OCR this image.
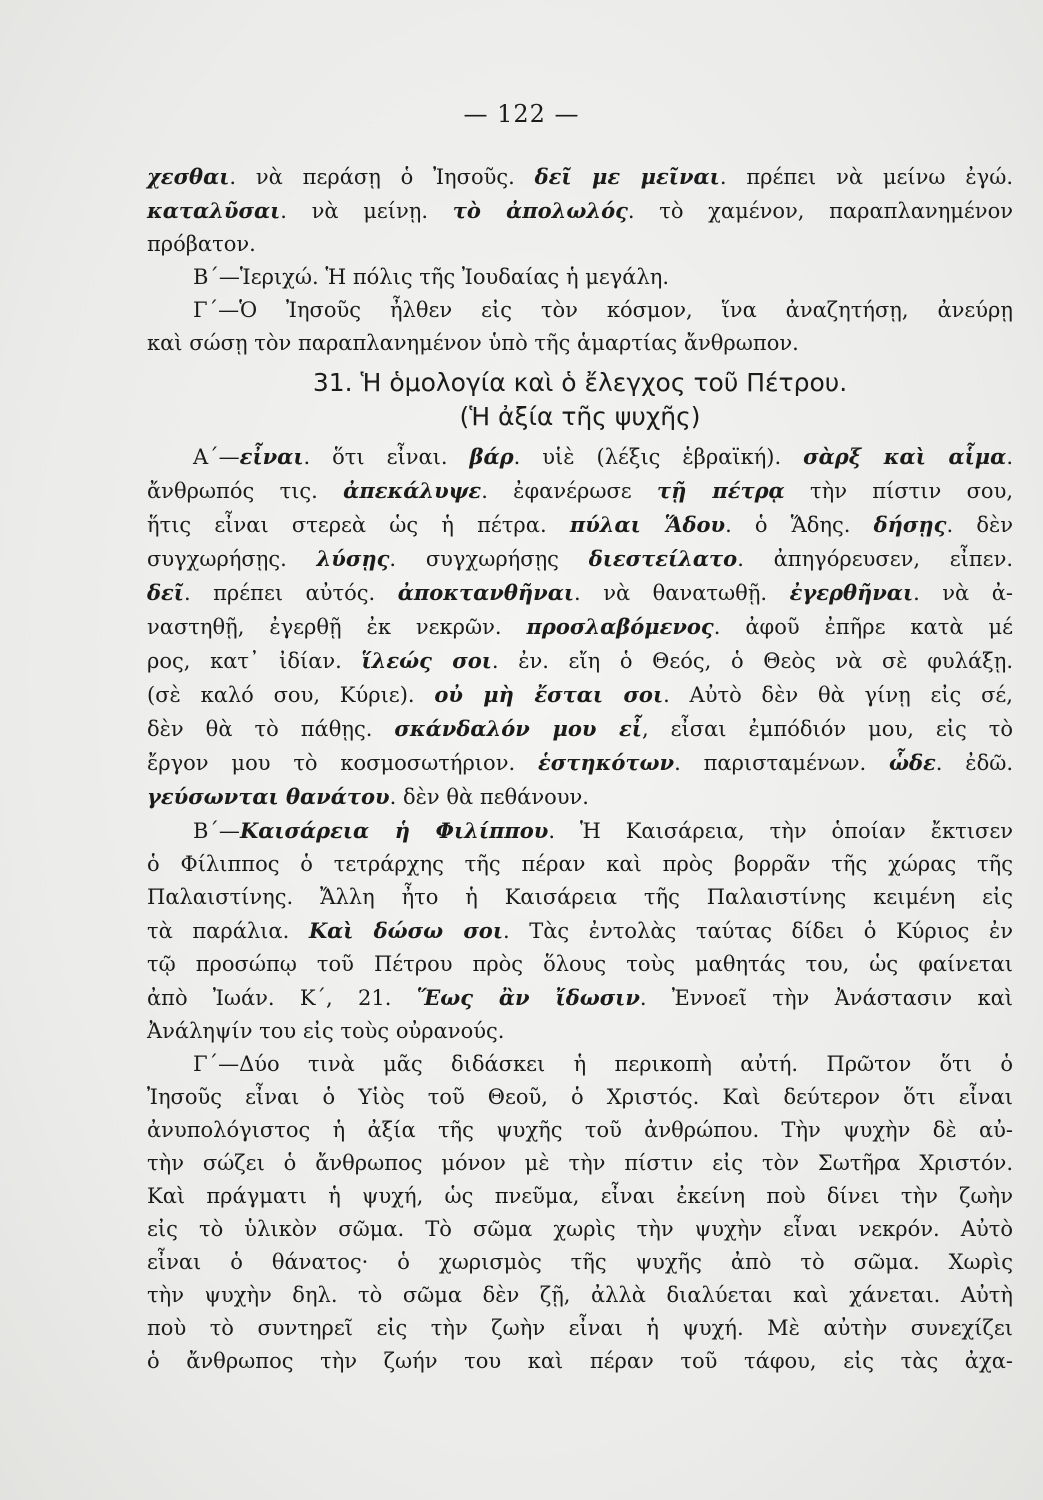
— 122 —
χεσθαι. νὰ περάσῃ ὁ Ἰησοῦς. δεῖ με μεῖναι. πρέπει νὰ μείνω ἐγώ.
καταλῦσαι. νὰ μείνῃ. τὸ ἀπολωλός. τὸ χαμένον, παραπλανημένον
πρόβατον.
Β΄—Ἱεριχώ. Ἡ πόλις τῆς Ἰουδαίας ἡ μεγάλη.
Γ΄—Ὁ Ἰησοῦς ἦλθεν εἰς τὸν κόσμον, ἵνα ἀναζητήσῃ, ἀνεύρῃ
καὶ σώσῃ τὸν παραπλανημένον ὑπὸ τῆς ἁμαρτίας ἄνθρωπον.
31. Ἡ ὁμολογία καὶ ὁ ἔλεγχος τοῦ Πέτρου.
(Ἡ ἀξία τῆς ψυχῆς)
Α΄—εἶναι. ὅτι εἶναι. βάρ. υἱὲ (λέξις ἑβραϊκή). σὰρξ καὶ αἷμα.
ἄνθρωπός τις. ἀπεκάλυψε. ἐφανέρωσε τῇ πέτρᾳ τὴν πίστιν σου,
ἥτις εἶναι στερεὰ ὡς ἡ πέτρα. πύλαι Ἅδου. ὁ Ἅδης. δήσῃς. δὲν
συγχωρήσῃς. λύσῃς. συγχωρήσῃς διεστείλατο. ἀπηγόρευσεν, εἶπεν.
δεῖ. πρέπει αὐτός. ἀποκτανθῆναι. νὰ θανατωθῇ. ἐγερθῆναι. νὰ ἀ-
ναστηθῇ, ἐγερθῇ ἐκ νεκρῶν. προσλαβόμενος. ἀφοῦ ἐπῆρε κατὰ μέ
ρος, κατ᾽ ἰδίαν. ἵλεώς σοι. ἐν. εἴη ὁ Θεός, ὁ Θεὸς νὰ σὲ φυλάξῃ.
(σὲ καλό σου, Κύριε). οὐ μὴ ἔσται σοι. Αὐτὸ δὲν θὰ γίνῃ εἰς σέ,
δὲν θὰ τὸ πάθῃς. σκάνδαλόν μου εἶ, εἶσαι ἐμπόδιόν μου, εἰς τὸ
ἔργον μου τὸ κοσμοσωτήριον. ἑστηκότων. παρισταμένων. ὧδε. ἐδῶ.
γεύσωνται θανάτου. δὲν θὰ πεθάνουν.
Β΄—Καισάρεια ἡ Φιλίππου. Ἡ Καισάρεια, τὴν ὁποίαν ἔκτισεν
ὁ Φίλιππος ὁ τετράρχης τῆς πέραν καὶ πρὸς βορρᾶν τῆς χώρας τῆς
Παλαιστίνης. Ἄλλη ἦτο ἡ Καισάρεια τῆς Παλαιστίνης κειμένη εἰς
τὰ παράλια. Καὶ δώσω σοι. Τὰς ἐντολὰς ταύτας δίδει ὁ Κύριος ἐν
τῷ προσώπῳ τοῦ Πέτρου πρὸς ὅλους τοὺς μαθητάς του, ὡς φαίνεται
ἀπὸ Ἰωάν. Κ΄, 21. Ἕως ἂν ἴδωσιν. Ἐννοεῖ τὴν Ἀνάστασιν καὶ
Ἀνάληψίν του εἰς τοὺς οὐρανούς.
Γ΄—Δύο τινὰ μᾶς διδάσκει ἡ περικοπὴ αὐτή. Πρῶτον ὅτι ὁ
Ἰησοῦς εἶναι ὁ Υἱὸς τοῦ Θεοῦ, ὁ Χριστός. Καὶ δεύτερον ὅτι εἶναι
ἀνυπολόγιστος ἡ ἀξία τῆς ψυχῆς τοῦ ἀνθρώπου. Τὴν ψυχὴν δὲ αὐ-
τὴν σώζει ὁ ἄνθρωπος μόνον μὲ τὴν πίστιν εἰς τὸν Σωτῆρα Χριστόν.
Καὶ πράγματι ἡ ψυχή, ὡς πνεῦμα, εἶναι ἐκείνη ποὺ δίνει τὴν ζωὴν
εἰς τὸ ὑλικὸν σῶμα. Τὸ σῶμα χωρὶς τὴν ψυχὴν εἶναι νεκρόν. Αὐτὸ
εἶναι ὁ θάνατος· ὁ χωρισμὸς τῆς ψυχῆς ἀπὸ τὸ σῶμα. Χωρὶς
τὴν ψυχὴν δηλ. τὸ σῶμα δὲν ζῇ, ἀλλὰ διαλύεται καὶ χάνεται. Αὐτὴ
ποὺ τὸ συντηρεῖ εἰς τὴν ζωὴν εἶναι ἡ ψυχή. Μὲ αὐτὴν συνεχίζει
ὁ ἄνθρωπος τὴν ζωήν του καὶ πέραν τοῦ τάφου, εἰς τὰς ἀχα-
